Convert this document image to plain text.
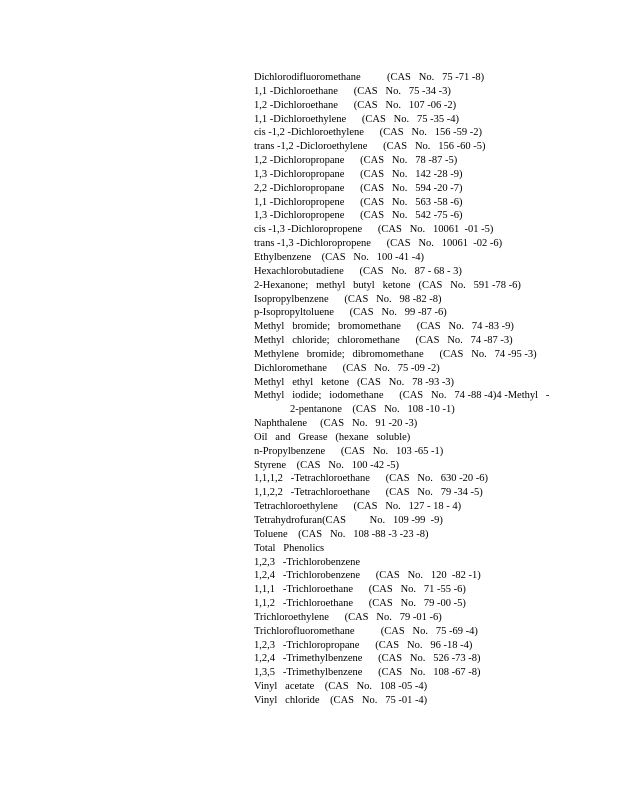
Dichlorodifluoromethane          (CAS   No.   75 -71 -8)
1,1 -Dichloroethane      (CAS   No.   75 -34 -3)
1,2 -Dichloroethane      (CAS   No.   107 -06 -2)
1,1 -Dichloroethylene      (CAS   No.   75 -35 -4)
cis -1,2 -Dichloroethylene      (CAS   No.   156 -59 -2)
trans -1,2 -Dicloroethylene      (CAS   No.   156 -60 -5)
1,2 -Dichloropropane      (CAS   No.   78 -87 -5)
1,3 -Dichloropropane      (CAS   No.   142 -28 -9)
2,2 -Dichloropropane      (CAS   No.   594 -20 -7)
1,1 -Dichloropropene      (CAS   No.   563 -58 -6)
1,3 -Dichloropropene      (CAS   No.   542 -75 -6)
cis -1,3 -Dichloropropene      (CAS   No.   10061  -01 -5)
trans -1,3 -Dichloropropene      (CAS   No.   10061  -02 -6)
Ethylbenzene    (CAS   No.   100 -41 -4)
Hexachlorobutadiene      (CAS   No.   87 - 68 - 3)
2-Hexanone;   methyl   butyl   ketone   (CAS   No.   591 -78 -6)
Isopropylbenzene      (CAS   No.   98 -82 -8)
p-Isopropyltoluene      (CAS   No.   99 -87 -6)
Methyl   bromide;   bromomethane      (CAS   No.   74 -83 -9)
Methyl   chloride;   chloromethane      (CAS   No.   74 -87 -3)
Methylene   bromide;   dibromomethane      (CAS   No.   74 -95 -3)
Dichloromethane      (CAS   No.   75 -09 -2)
Methyl   ethyl   ketone   (CAS   No.   78 -93 -3)
Methyl   iodide;   iodomethane      (CAS   No.   74 -88 -4)4 -Methyl   -
2-pentanone    (CAS   No.   108 -10 -1)
Naphthalene     (CAS   No.   91 -20 -3)
Oil   and   Grease   (hexane   soluble)
n-Propylbenzene      (CAS   No.   103 -65 -1)
Styrene    (CAS   No.   100 -42 -5)
1,1,1,2   -Tetrachloroethane      (CAS   No.   630 -20 -6)
1,1,2,2   -Tetrachloroethane      (CAS   No.   79 -34 -5)
Tetrachloroethylene      (CAS   No.   127 - 18 - 4)
Tetrahydrofuran(CAS         No.   109 -99  -9)
Toluene    (CAS   No.   108 -88 -3 -23 -8)
Total   Phenolics
1,2,3   -Trichlorobenzene
1,2,4   -Trichlorobenzene      (CAS   No.   120  -82 -1)
1,1,1   -Trichloroethane      (CAS   No.   71 -55 -6)
1,1,2   -Trichloroethane      (CAS   No.   79 -00 -5)
Trichloroethylene      (CAS   No.   79 -01 -6)
Trichlorofluoromethane          (CAS   No.   75 -69 -4)
1,2,3   -Trichloropropane      (CAS   No.   96 -18 -4)
1,2,4   -Trimethylbenzene      (CAS   No.   526 -73 -8)
1,3,5   -Trimethylbenzene      (CAS   No.   108 -67 -8)
Vinyl   acetate    (CAS   No.   108 -05 -4)
Vinyl   chloride    (CAS   No.   75 -01 -4)
